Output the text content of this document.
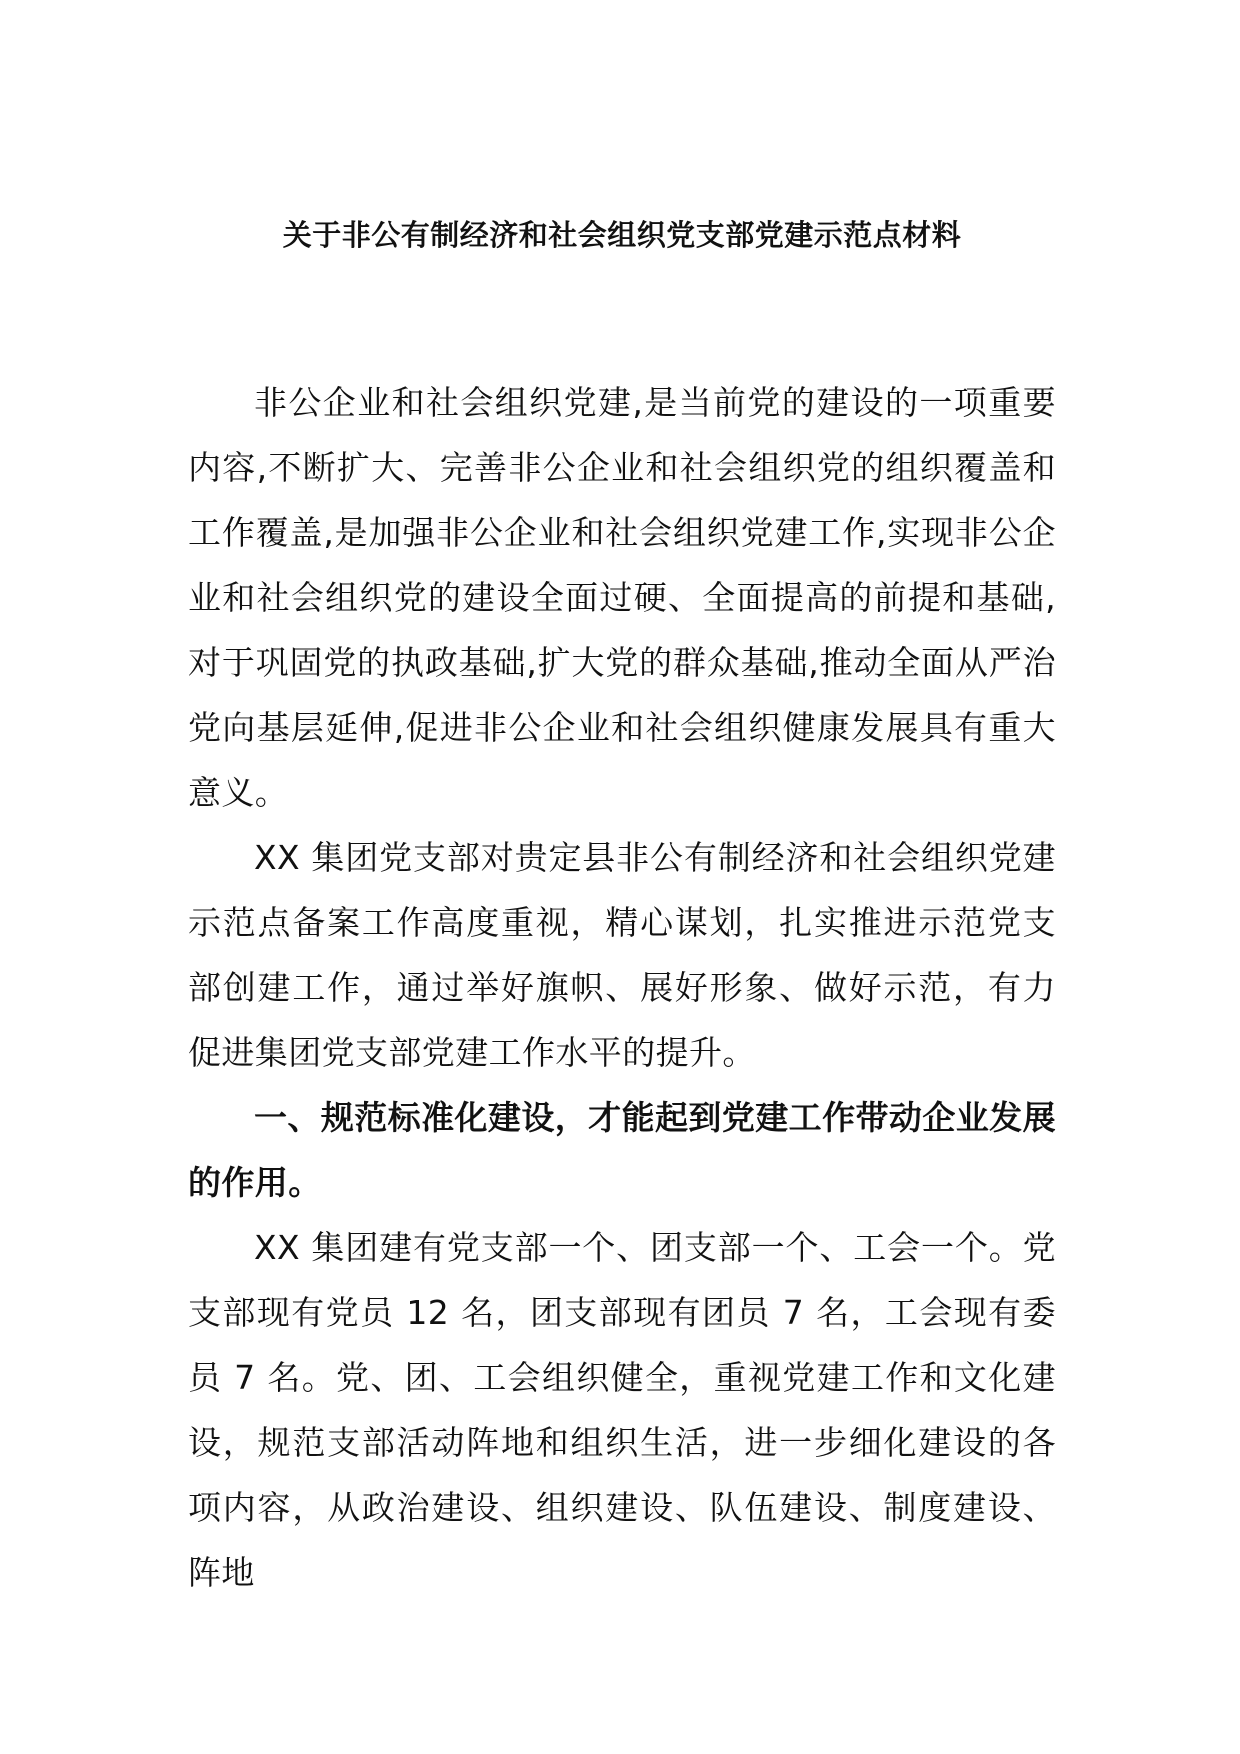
关于非公有制经济和社会组织党支部党建示范点材料

非公企业和社会组织党建,是当前党的建设的一项重要内容,不断扩大、完善非公企业和社会组织党的组织覆盖和工作覆盖,是加强非公企业和社会组织党建工作,实现非公企业和社会组织党的建设全面过硬、全面提高的前提和基础,对于巩固党的执政基础,扩大党的群众基础,推动全面从严治党向基层延伸,促进非公企业和社会组织健康发展具有重大意义。

XX 集团党支部对贵定县非公有制经济和社会组织党建示范点备案工作高度重视，精心谋划，扎实推进示范党支部创建工作，通过举好旗帜、展好形象、做好示范，有力促进集团党支部党建工作水平的提升。

一、规范标准化建设，才能起到党建工作带动企业发展的作用。

XX 集团建有党支部一个、团支部一个、工会一个。党支部现有党员 12 名，团支部现有团员 7 名，工会现有委员 7 名。党、团、工会组织健全，重视党建工作和文化建设，规范支部活动阵地和组织生活，进一步细化建设的各项内容，从政治建设、组织建设、队伍建设、制度建设、阵地
